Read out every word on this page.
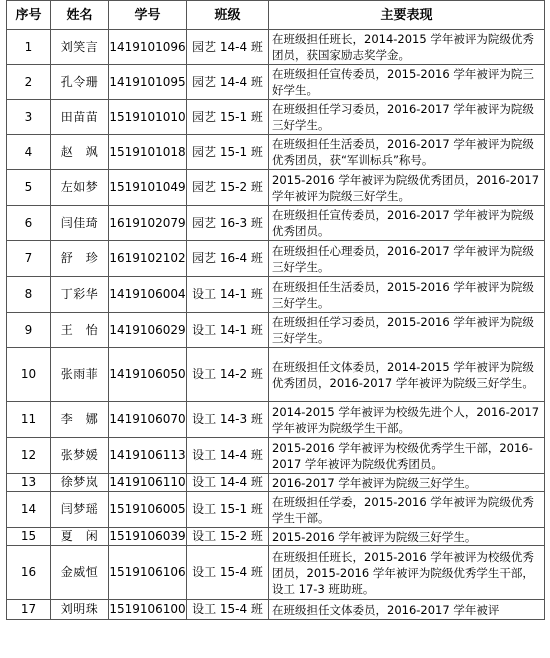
序号	姓名	学号	班级	主要表现
1	刘笑言	1419101096	园艺 14-4 班	在班级担任班长，2014-2015 学年被评为院级优秀团员，获国家励志奖学金。
2	孔令珊	1419101095	园艺 14-4 班	在班级担任宣传委员，2015-2016 学年被评为院三好学生。
3	田苗苗	1519101010	园艺 15-1 班	在班级担任学习委员，2016-2017 学年被评为院级三好学生。
4	赵　飒	1519101018	园艺 15-1 班	在班级担任生活委员，2016-2017 学年被评为院级优秀团员，获“军训标兵”称号。
5	左如梦	1519101049	园艺 15-2 班	2015-2016 学年被评为院级优秀团员，2016-2017 学年被评为院级三好学生。
6	闫佳琦	1619102079	园艺 16-3 班	在班级担任宣传委员，2016-2017 学年被评为院级优秀团员。
7	舒　珍	1619102102	园艺 16-4 班	在班级担任心理委员，2016-2017 学年被评为院级三好学生。
8	丁彩华	1419106004	设工 14-1 班	在班级担任生活委员，2015-2016 学年被评为院级三好学生。
9	王　怡	1419106029	设工 14-1 班	在班级担任学习委员，2015-2016 学年被评为院级三好学生。
10	张雨菲	1419106050	设工 14-2 班	在班级担任文体委员，2014-2015 学年被评为院级优秀团员，2016-2017 学年被评为院级三好学生。
11	李　娜	1419106070	设工 14-3 班	2014-2015 学年被评为校级先进个人，2016-2017 学年被评为院级学生干部。
12	张梦媛	1419106113	设工 14-4 班	2015-2016 学年被评为校级优秀学生干部，2016-2017 学年被评为院级优秀团员。
13	徐梦岚	1419106110	设工 14-4 班	2016-2017 学年被评为院级三好学生。
14	闫梦瑶	1519106005	设工 15-1 班	在班级担任学委，2015-2016 学年被评为院级优秀学生干部。
15	夏　闲	1519106039	设工 15-2 班	2015-2016 学年被评为院级三好学生。
16	金威恒	1519106106	设工 15-4 班	在班级担任班长，2015-2016 学年被评为校级优秀团员，2015-2016 学年被评为院级优秀学生干部，设工 17-3 班助班。
17	刘明珠	1519106100	设工 15-4 班	在班级担任文体委员，2016-2017 学年被评
